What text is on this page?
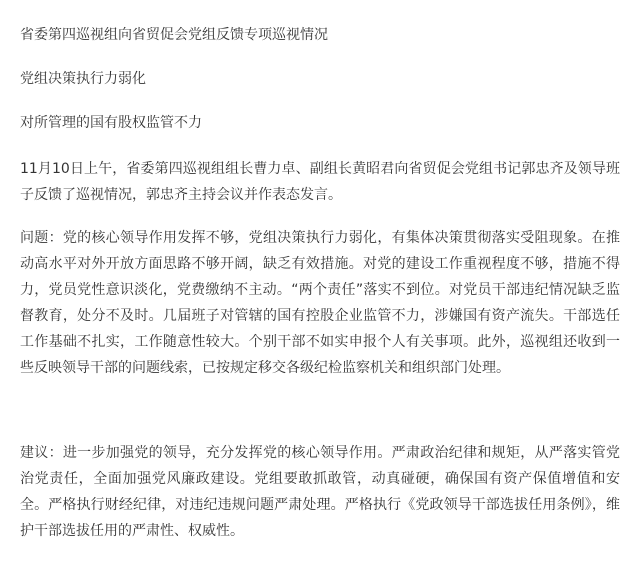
省委第四巡视组向省贸促会党组反馈专项巡视情况
党组决策执行力弱化
对所管理的国有股权监管不力
11月10日上午，省委第四巡视组组长曹力卓、副组长黄昭君向省贸促会党组书记郭忠齐及领导班子反馈了巡视情况，郭忠齐主持会议并作表态发言。
问题：党的核心领导作用发挥不够，党组决策执行力弱化，有集体决策贯彻落实受阻现象。在推动高水平对外开放方面思路不够开阔，缺乏有效措施。对党的建设工作重视程度不够，措施不得力，党员党性意识淡化，党费缴纳不主动。“两个责任”落实不到位。对党员干部违纪情况缺乏监督教育，处分不及时。几届班子对管辖的国有控股企业监管不力，涉嫌国有资产流失。干部选任工作基础不扎实，工作随意性较大。个别干部不如实申报个人有关事项。此外，巡视组还收到一些反映领导干部的问题线索，已按规定移交各级纪检监察机关和组织部门处理。
建议：进一步加强党的领导，充分发挥党的核心领导作用。严肃政治纪律和规矩，从严落实管党治党责任，全面加强党风廉政建设。党组要敢抓敢管，动真碰硬，确保国有资产保值增值和安全。严格执行财经纪律，对违纪违规问题严肃处理。严格执行《党政领导干部选拔任用条例》，维护干部选拔任用的严肃性、权威性。
